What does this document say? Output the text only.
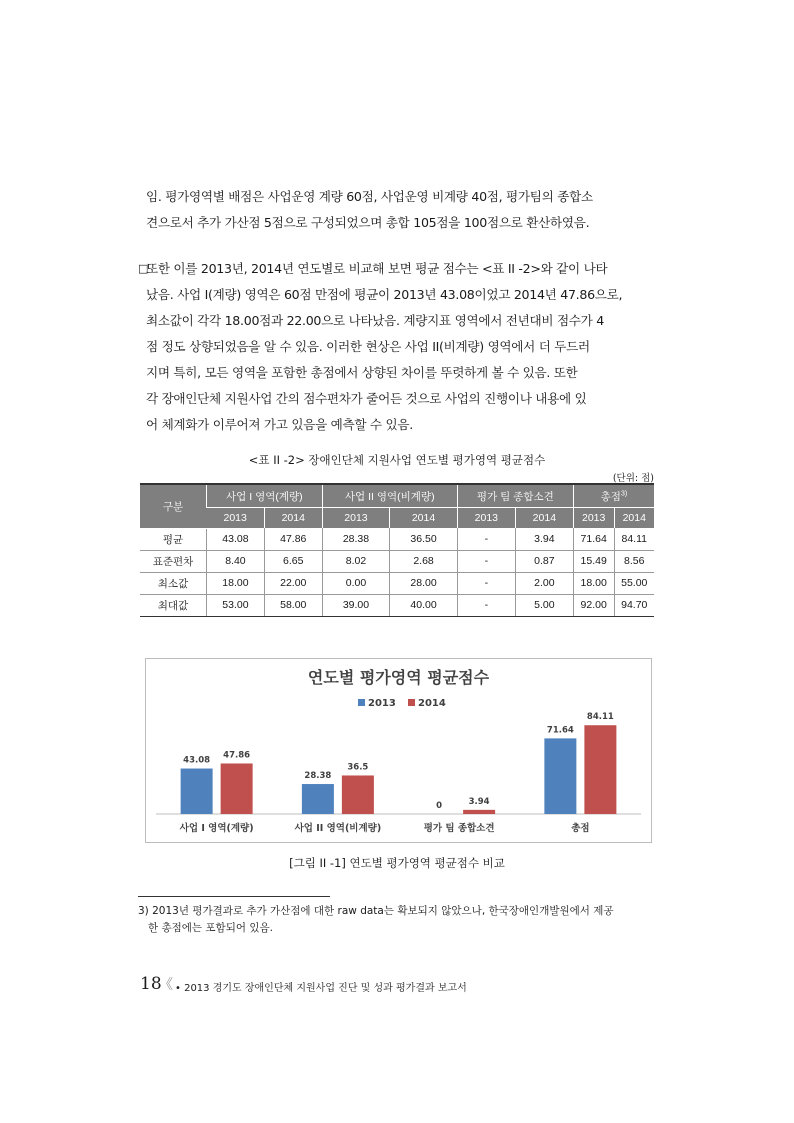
임. 평가영역별 배점은 사업운영 계량 60점, 사업운영 비계량 40점, 평가팀의 종합소
견으로서 추가 가산점 5점으로 구성되었으며 총합 105점을 100점으로 환산하였음.
□
또한 이를 2013년, 2014년 연도별로 비교해 보면 평균 점수는 <표 II -2>와 같이 나타
났음. 사업 I(계량) 영역은 60점 만점에 평균이 2013년 43.08이었고 2014년 47.86으로,
최소값이 각각 18.00점과 22.00으로 나타났음. 계량지표 영역에서 전년대비 점수가 4
점 정도 상향되었음을 알 수 있음. 이러한 현상은 사업 II(비계량) 영역에서 더 두드러
지며 특히, 모든 영역을 포함한 총점에서 상향된 차이를 뚜렷하게 볼 수 있음. 또한
각 장애인단체 지원사업 간의 점수편차가 줄어든 것으로 사업의 진행이나 내용에 있
어 체계화가 이루어져 가고 있음을 예측할 수 있음.
<표 II -2> 장애인단체 지원사업 연도별 평가영역 평균점수
(단위: 점)
구분	사업 I 영역(계량)		사업 II 영역(비계량)		평가 팀 종합소견		총점$^{3)}$
	2013	2014	2013	2014	2013	2014	2013	2014
평균	43.08	47.86	28.38	36.50	-	3.94	71.64	84.11
표준편차	8.40	6.65	8.02	2.68	-	0.87	15.49	8.56
최소값	18.00	22.00	0.00	28.00	-	2.00	18.00	55.00
최대값	53.00	58.00	39.00	40.00	-	5.00	92.00	94.70
연도별 평가영역 평균점수
2013 2014
43.08
47.86
사업 I 영역(계량)
28.38
36.5
사업 II 영역(비계량)
0	3.94
평가 팀 종합소견
71.64
84.11
총점
[그림 II -1] 연도별 평가영역 평균점수 비교
3) 2013년 평가결과로 추가 가산점에 대한 raw data는 확보되지 않았으나, 한국장애인개발원에서 제공
한 총점에는 포함되어 있음.
18
《 • 2013 경기도 장애인단체 지원사업 진단 및 성과 평가결과 보고서
